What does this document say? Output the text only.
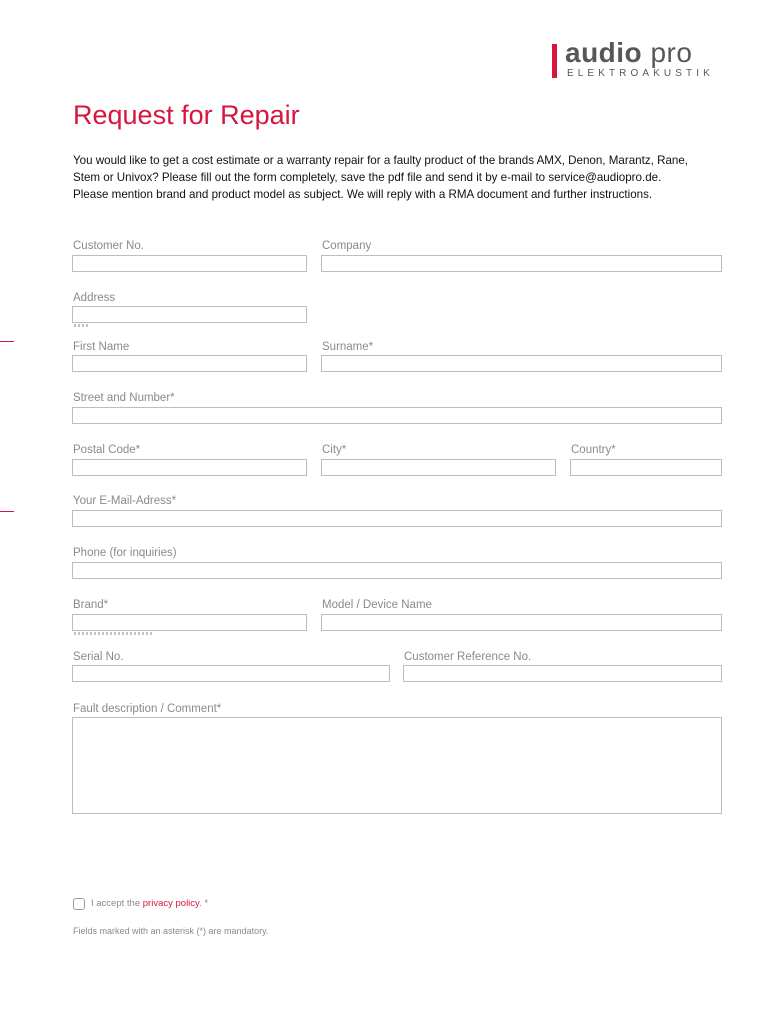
audio pro
ELEKTROAKUSTIK
Request for Repair

You would like to get a cost estimate or a warranty repair for a faulty product of the brands AMX, Denon, Marantz, Rane,

Stem or Univox? Please fill out the form completely, save the pdf file and send it by e-mail to service@audiopro.de.

Please mention brand and product model as subject. We will reply with a RMA document and further instructions.

Customer No.	Company
Address
First Name	Surname*
Street and Number*
Postal Code*	City*	Country*
Your E-Mail-Adress*
Phone (for inquiries)
Brand*	Model / Device Name
Serial No.	Customer Reference No.
Fault description / Comment*
I accept the privacy policy. *
Fields marked with an asterisk (*) are mandatory.
